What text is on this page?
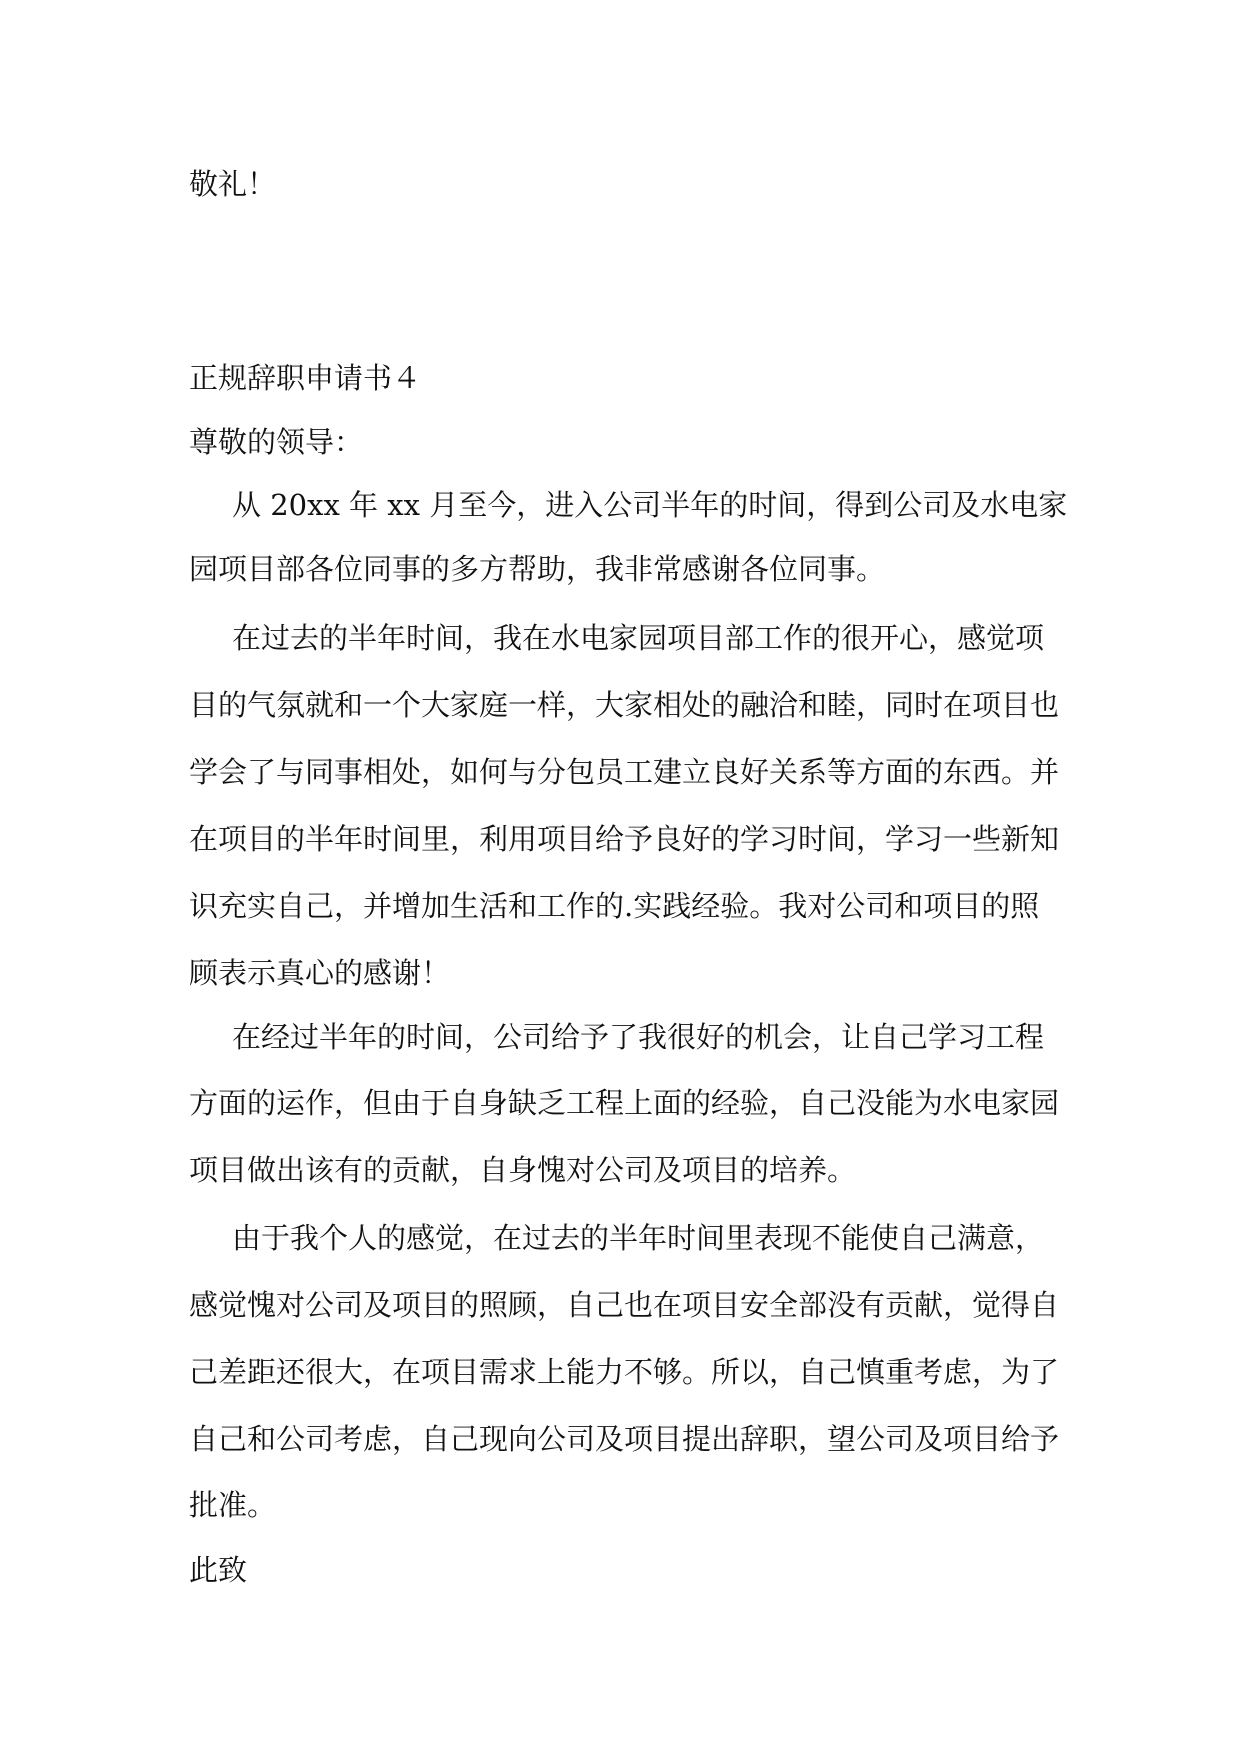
敬礼！

正规辞职申请书４

尊敬的领导：

从 20xx 年 xx 月至今，进入公司半年的时间，得到公司及水电家

园项目部各位同事的多方帮助，我非常感谢各位同事。

在过去的半年时间，我在水电家园项目部工作的很开心，感觉项

目的气氛就和一个大家庭一样，大家相处的融洽和睦，同时在项目也

学会了与同事相处，如何与分包员工建立良好关系等方面的东西。并

在项目的半年时间里，利用项目给予良好的学习时间，学习一些新知

识充实自己，并增加生活和工作的.实践经验。我对公司和项目的照

顾表示真心的感谢！

在经过半年的时间，公司给予了我很好的机会，让自己学习工程

方面的运作，但由于自身缺乏工程上面的经验，自己没能为水电家园

项目做出该有的贡献，自身愧对公司及项目的培养。

由于我个人的感觉，在过去的半年时间里表现不能使自己满意，

感觉愧对公司及项目的照顾，自己也在项目安全部没有贡献，觉得自

己差距还很大，在项目需求上能力不够。所以，自己慎重考虑，为了

自己和公司考虑，自己现向公司及项目提出辞职，望公司及项目给予

批准。

此致
